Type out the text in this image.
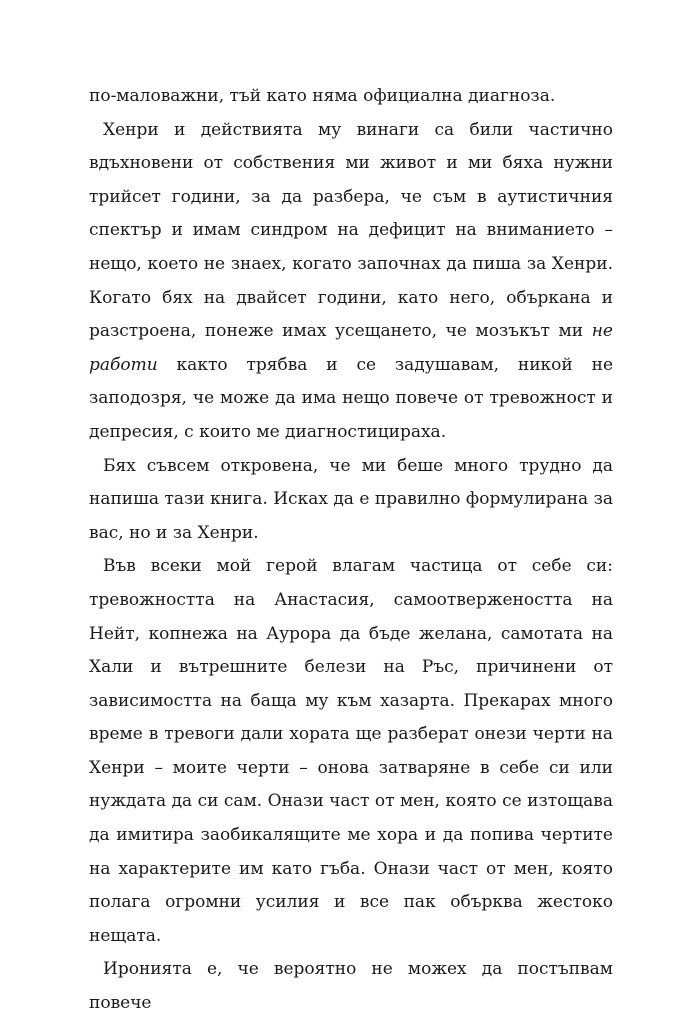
по-маловажни, тъй като няма официална диагноза.

Хенри и действията му винаги са били частично вдъхновени от собствения ми живот и ми бяха нужни трийсет години, за да разбера, че съм в аутистичния спектър и имам синдром на дефицит на вниманието – нещо, което не знаех, когато започнах да пиша за Хенри. Когато бях на двайсет години, като него, объркана и разстроена, понеже имах усещането, че мозъкът ми не работи както трябва и се задушавам, никой не заподозря, че може да има нещо повече от тревожност и депресия, с които ме диагностицираха.

Бях съвсем откровена, че ми беше много трудно да напиша тази книга. Исках да е правилно формулирана за вас, но и за Хенри.

Във всеки мой герой влагам частица от себе си: тревожността на Анастасия, самоотвержеността на Нейт, копнежа на Аурора да бъде желана, самотата на Хали и вътрешните белези на Ръс, причинени от зависимостта на баща му към хазарта. Прекарах много време в тревоги дали хората ще разберат онези черти на Хенри – моите черти – онова затваряне в себе си или нуждата да си сам. Онази част от мен, която се изтощава да имитира заобикалящите ме хора и да попива чертите на характерите им като гъба. Онази част от мен, която полага огромни усилия и все пак обърква жестоко нещата.

Иронията е, че вероятно не можех да постъпвам повече
